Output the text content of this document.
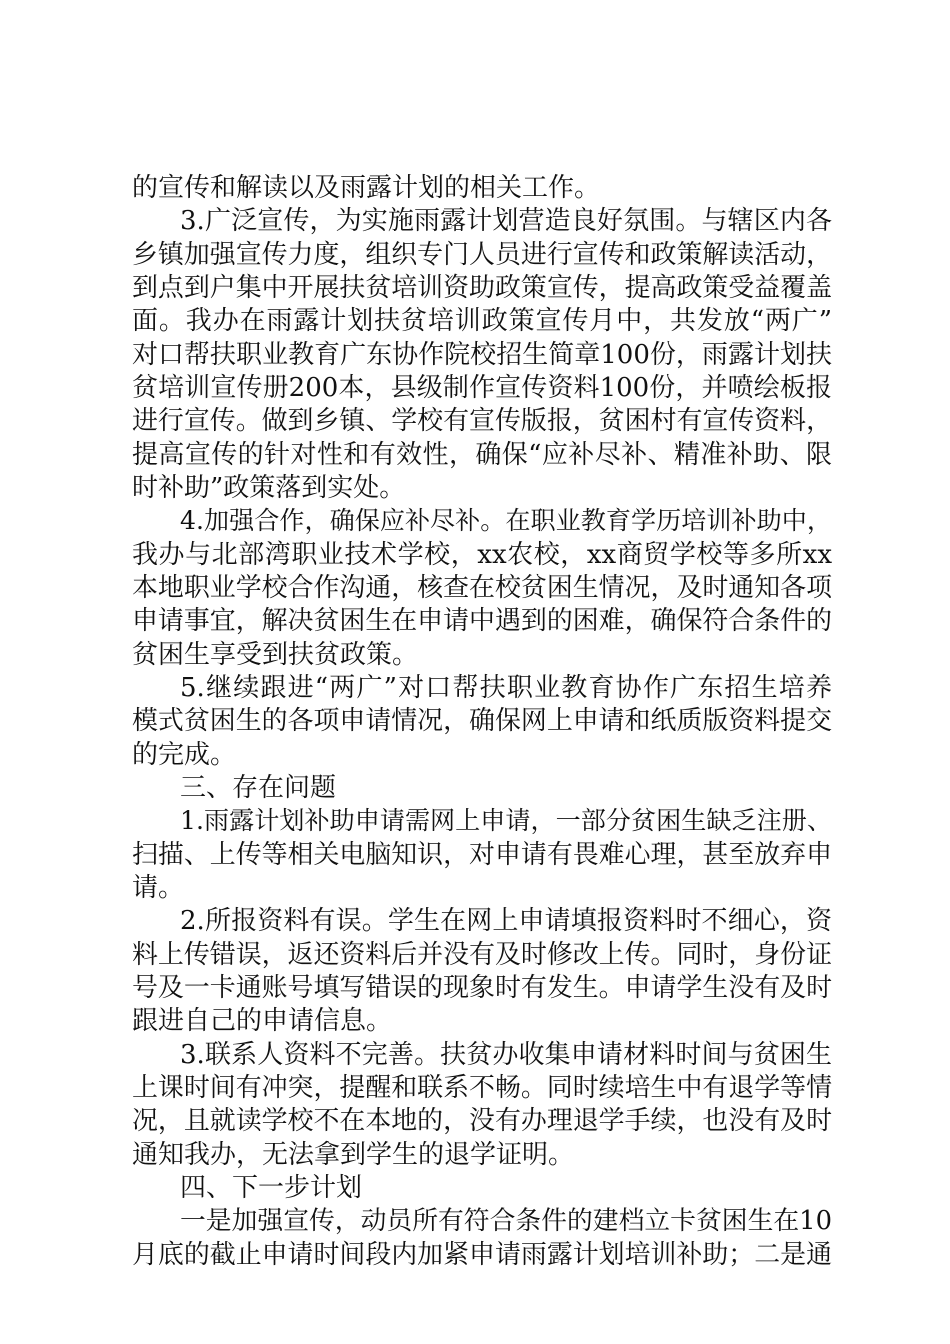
的宣传和解读以及雨露计划的相关工作。
3.广泛宣传，为实施雨露计划营造良好氛围。与辖区内各
乡镇加强宣传力度，组织专门人员进行宣传和政策解读活动，
到点到户集中开展扶贫培训资助政策宣传，提高政策受益覆盖
面。我办在雨露计划扶贫培训政策宣传月中，共发放“两广”
对口帮扶职业教育广东协作院校招生简章100份，雨露计划扶
贫培训宣传册200本，县级制作宣传资料100份，并喷绘板报
进行宣传。做到乡镇、学校有宣传版报，贫困村有宣传资料，
提高宣传的针对性和有效性，确保“应补尽补、精准补助、限
时补助”政策落到实处。
4.加强合作，确保应补尽补。在职业教育学历培训补助中，
我办与北部湾职业技术学校，xx农校，xx商贸学校等多所xx
本地职业学校合作沟通，核查在校贫困生情况，及时通知各项
申请事宜，解决贫困生在申请中遇到的困难，确保符合条件的
贫困生享受到扶贫政策。
5.继续跟进“两广”对口帮扶职业教育协作广东招生培养
模式贫困生的各项申请情况，确保网上申请和纸质版资料提交
的完成。
三、存在问题
1.雨露计划补助申请需网上申请，一部分贫困生缺乏注册、
扫描、上传等相关电脑知识，对申请有畏难心理，甚至放弃申
请。
2.所报资料有误。学生在网上申请填报资料时不细心，资
料上传错误，返还资料后并没有及时修改上传。同时，身份证
号及一卡通账号填写错误的现象时有发生。申请学生没有及时
跟进自己的申请信息。
3.联系人资料不完善。扶贫办收集申请材料时间与贫困生
上课时间有冲突，提醒和联系不畅。同时续培生中有退学等情
况，且就读学校不在本地的，没有办理退学手续，也没有及时
通知我办，无法拿到学生的退学证明。
四、下一步计划
一是加强宣传，动员所有符合条件的建档立卡贫困生在10
月底的截止申请时间段内加紧申请雨露计划培训补助；二是通
